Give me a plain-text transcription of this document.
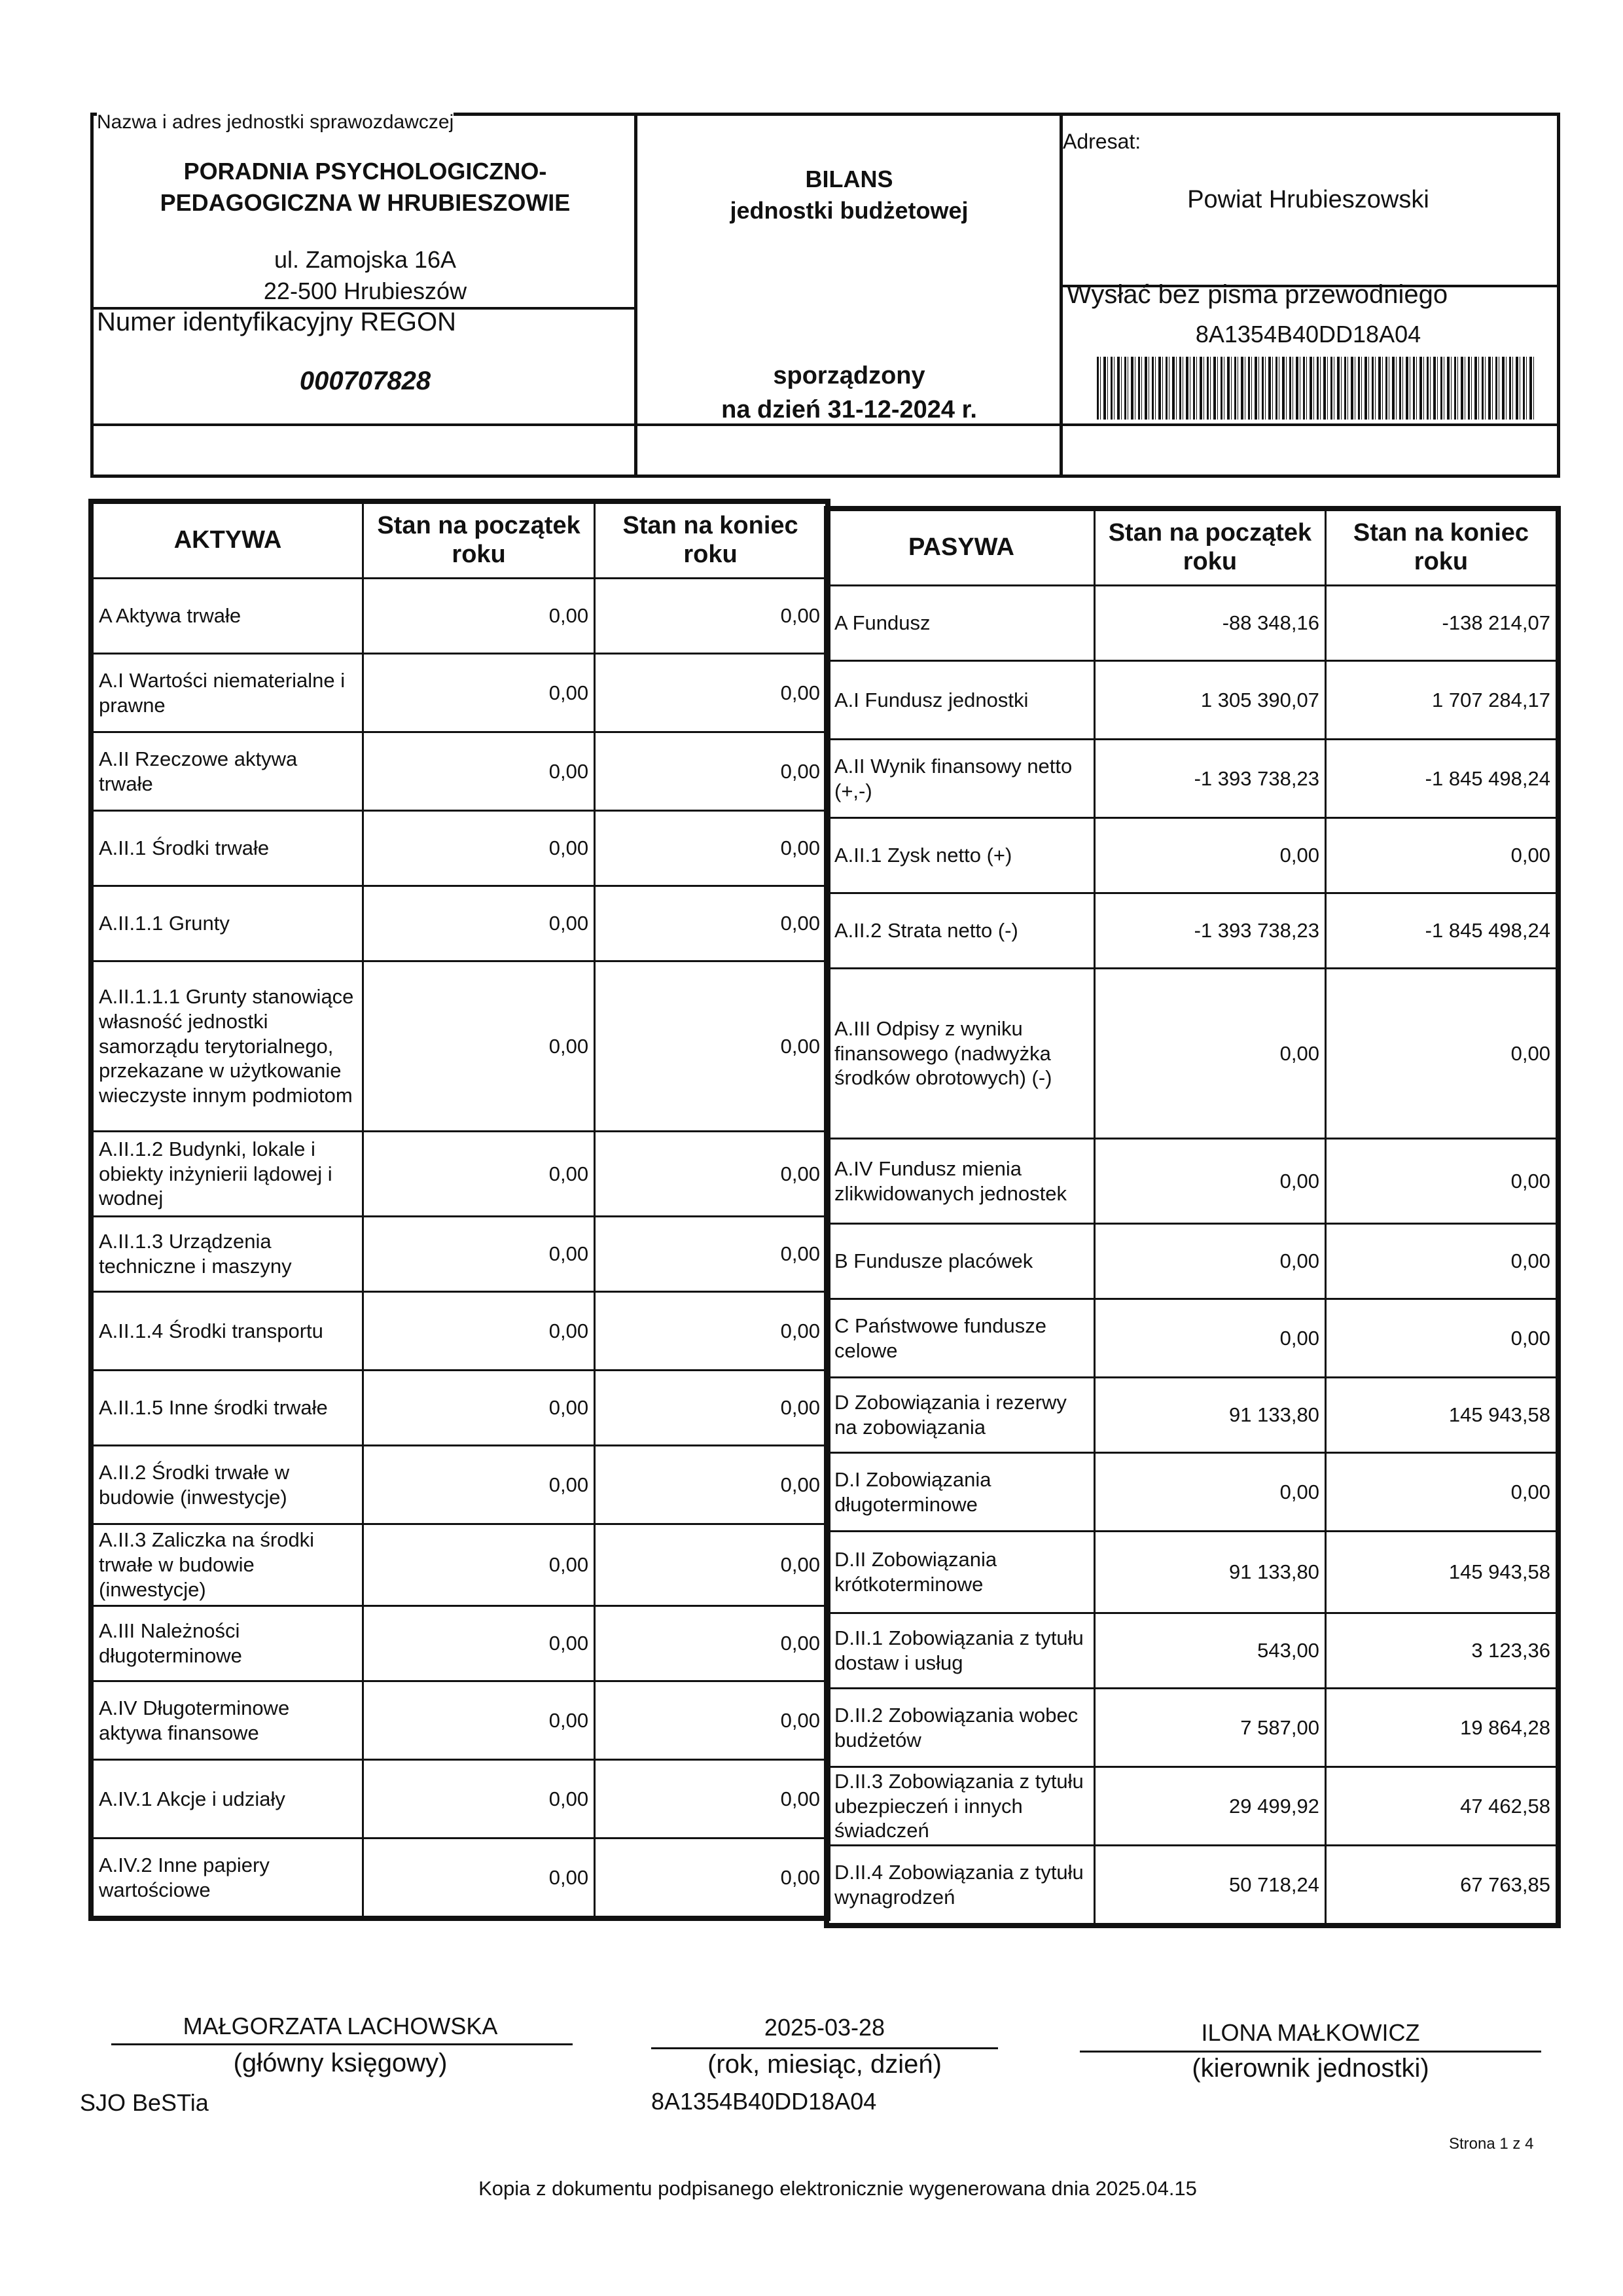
Nazwa i adres jednostki sprawozdawczej
PORADNIA PSYCHOLOGICZNO-
PEDAGOGICZNA W HRUBIESZOWIE
ul. Zamojska 16A
22-500 Hrubieszów
Numer identyfikacyjny REGON
000707828
BILANS
jednostki budżetowej
sporządzony
na dzień 31-12-2024 r.
Adresat:
Powiat Hrubieszowski
Wysłać bez pisma przewodniego
8A1354B40DD18A04
AKTYWA	Stan na początek roku	Stan na koniec roku
A Aktywa trwałe	0,00	0,00
A.I Wartości niematerialne i prawne	0,00	0,00
A.II Rzeczowe aktywa trwałe	0,00	0,00
A.II.1 Środki trwałe	0,00	0,00
A.II.1.1 Grunty	0,00	0,00
A.II.1.1.1 Grunty stanowiące własność jednostki samorządu terytorialnego, przekazane w użytkowanie wieczyste innym podmiotom	0,00	0,00
A.II.1.2 Budynki, lokale i obiekty inżynierii lądowej i wodnej	0,00	0,00
A.II.1.3 Urządzenia techniczne i maszyny	0,00	0,00
A.II.1.4 Środki transportu	0,00	0,00
A.II.1.5 Inne środki trwałe	0,00	0,00
A.II.2 Środki trwałe w budowie (inwestycje)	0,00	0,00
A.II.3 Zaliczka na środki trwałe w budowie (inwestycje)	0,00	0,00
A.III Należności długoterminowe	0,00	0,00
A.IV Długoterminowe aktywa finansowe	0,00	0,00
A.IV.1 Akcje i udziały	0,00	0,00
A.IV.2 Inne papiery wartościowe	0,00	0,00
PASYWA	Stan na początek roku	Stan na koniec roku
A Fundusz	-88 348,16	-138 214,07
A.I Fundusz jednostki	1 305 390,07	1 707 284,17
A.II Wynik finansowy netto (+,-)	-1 393 738,23	-1 845 498,24
A.II.1 Zysk netto (+)	0,00	0,00
A.II.2 Strata netto (-)	-1 393 738,23	-1 845 498,24
A.III Odpisy z wyniku finansowego (nadwyżka środków obrotowych) (-)	0,00	0,00
A.IV Fundusz mienia zlikwidowanych jednostek	0,00	0,00
B Fundusze placówek	0,00	0,00
C Państwowe fundusze celowe	0,00	0,00
D Zobowiązania i rezerwy na zobowiązania	91 133,80	145 943,58
D.I Zobowiązania długoterminowe	0,00	0,00
D.II Zobowiązania krótkoterminowe	91 133,80	145 943,58
D.II.1 Zobowiązania z tytułu dostaw i usług	543,00	3 123,36
D.II.2 Zobowiązania wobec budżetów	7 587,00	19 864,28
D.II.3 Zobowiązania z tytułu ubezpieczeń i innych świadczeń	29 499,92	47 462,58
D.II.4 Zobowiązania z tytułu wynagrodzeń	50 718,24	67 763,85
MAŁGORZATA LACHOWSKA
(główny księgowy)
SJO BeSTia
2025-03-28
(rok, miesiąc, dzień)
8A1354B40DD18A04
ILONA MAŁKOWICZ
(kierownik jednostki)
Strona 1 z 4
Kopia z dokumentu podpisanego elektronicznie wygenerowana dnia 2025.04.15
